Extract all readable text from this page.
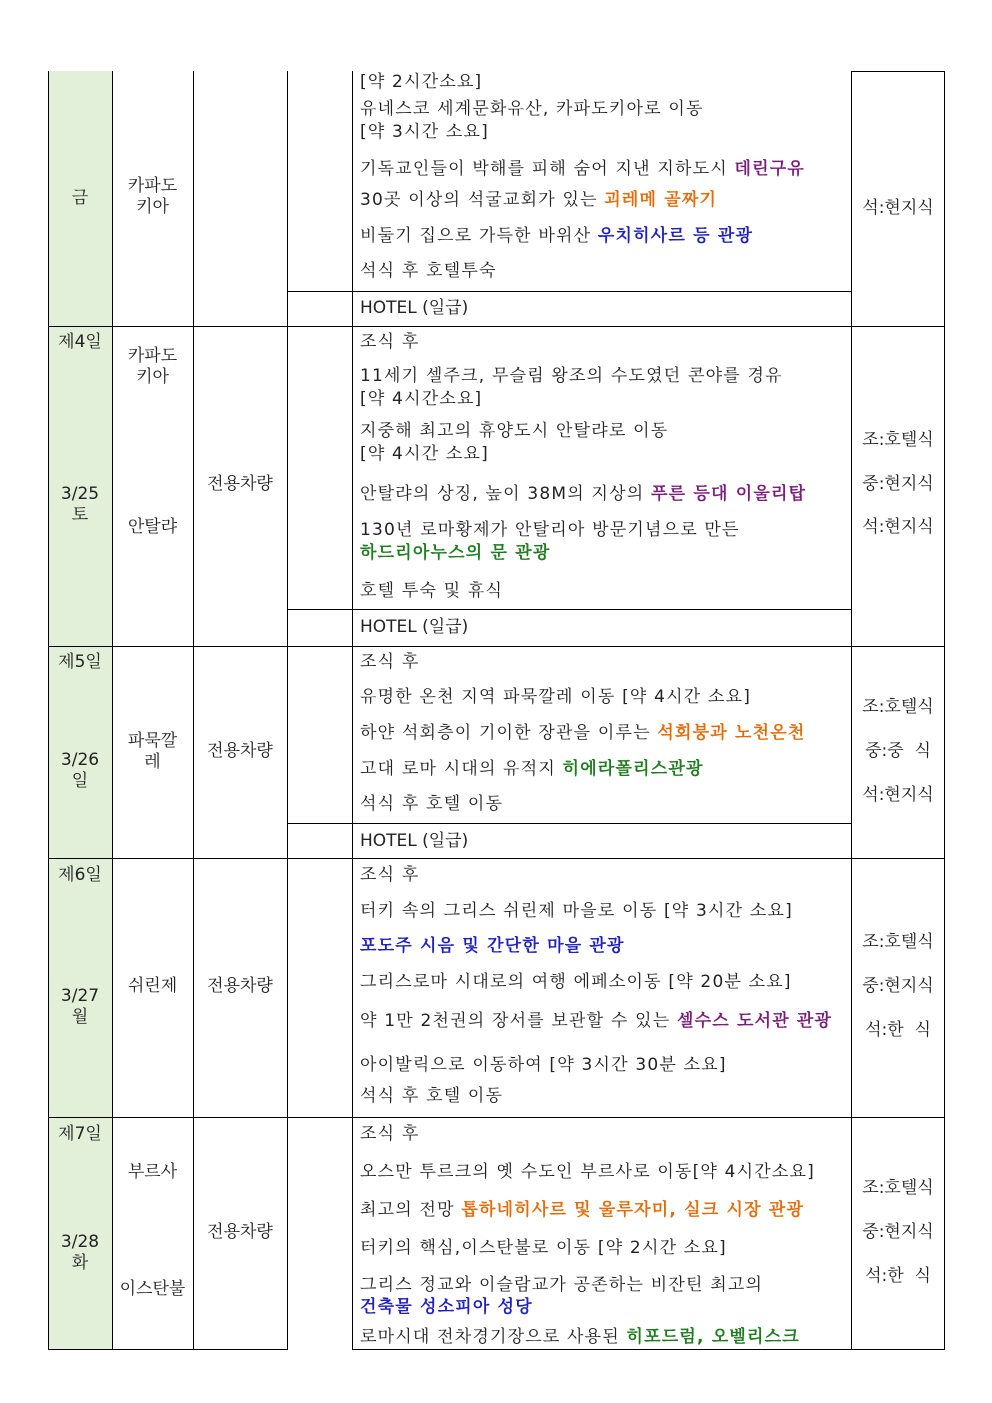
금
카파도
키아
[약 2시간소요]
유네스코 세계문화유산, 카파도키아로 이동
[약 3시간 소요]
기독교인들이 박해를 피해 숨어 지낸 지하도시 데린구유
30곳 이상의 석굴교회가 있는 괴레메 골짜기
비둘기 집으로 가득한 바위산 우치히사르 등 관광
석식 후 호텔투숙
HOTEL (일급)
석:현지식
제4일
3/25
토
카파도
키아
안탈랴
전용차량
조식 후
11세기 셀주크, 무슬림 왕조의 수도였던 콘야를 경유
[약 4시간소요]
지중해 최고의 휴양도시 안탈랴로 이동
[약 4시간 소요]
안탈랴의 상징, 높이 38M의 지상의 푸른 등대 이울리탑
130년 로마황제가 안탈리아 방문기념으로 만든
하드리아누스의 문 관광
호텔 투숙 및 휴식
HOTEL (일급)
조:호텔식
중:현지식
석:현지식
제5일
3/26
일
파묵깔
레
전용차량
조식 후
유명한 온천 지역 파묵깔레 이동 [약 4시간 소요]
하얀 석회층이 기이한 장관을 이루는 석회붕과 노천온천
고대 로마 시대의 유적지 히에라폴리스관광
석식 후 호텔 이동
HOTEL (일급)
조:호텔식
중:중  식
석:현지식
제6일
3/27
월
쉬린제	전용차량
조식 후
터키 속의 그리스 쉬린제 마을로 이동 [약 3시간 소요]
포도주 시음 및 간단한 마을 관광
그리스로마 시대로의 여행 에페소이동 [약 20분 소요]
약 1만 2천권의 장서를 보관할 수 있는 셀수스 도서관 관광
아이발릭으로 이동하여 [약 3시간 30분 소요]
석식 후 호텔 이동
조:호텔식
중:현지식
석:한  식
제7일
3/28
화
부르사
이스탄불
전용차량
조식 후
오스만 투르크의 옛 수도인 부르사로 이동[약 4시간소요]
최고의 전망 톱하네히사르 및 울루자미, 실크 시장 관광
터키의 핵심,이스탄불로 이동 [약 2시간 소요]
그리스 정교와 이슬람교가 공존하는 비잔틴 최고의
건축물 성소피아 성당
로마시대 전차경기장으로 사용된 히포드럼, 오벨리스크
조:호텔식
중:현지식
석:한  식
